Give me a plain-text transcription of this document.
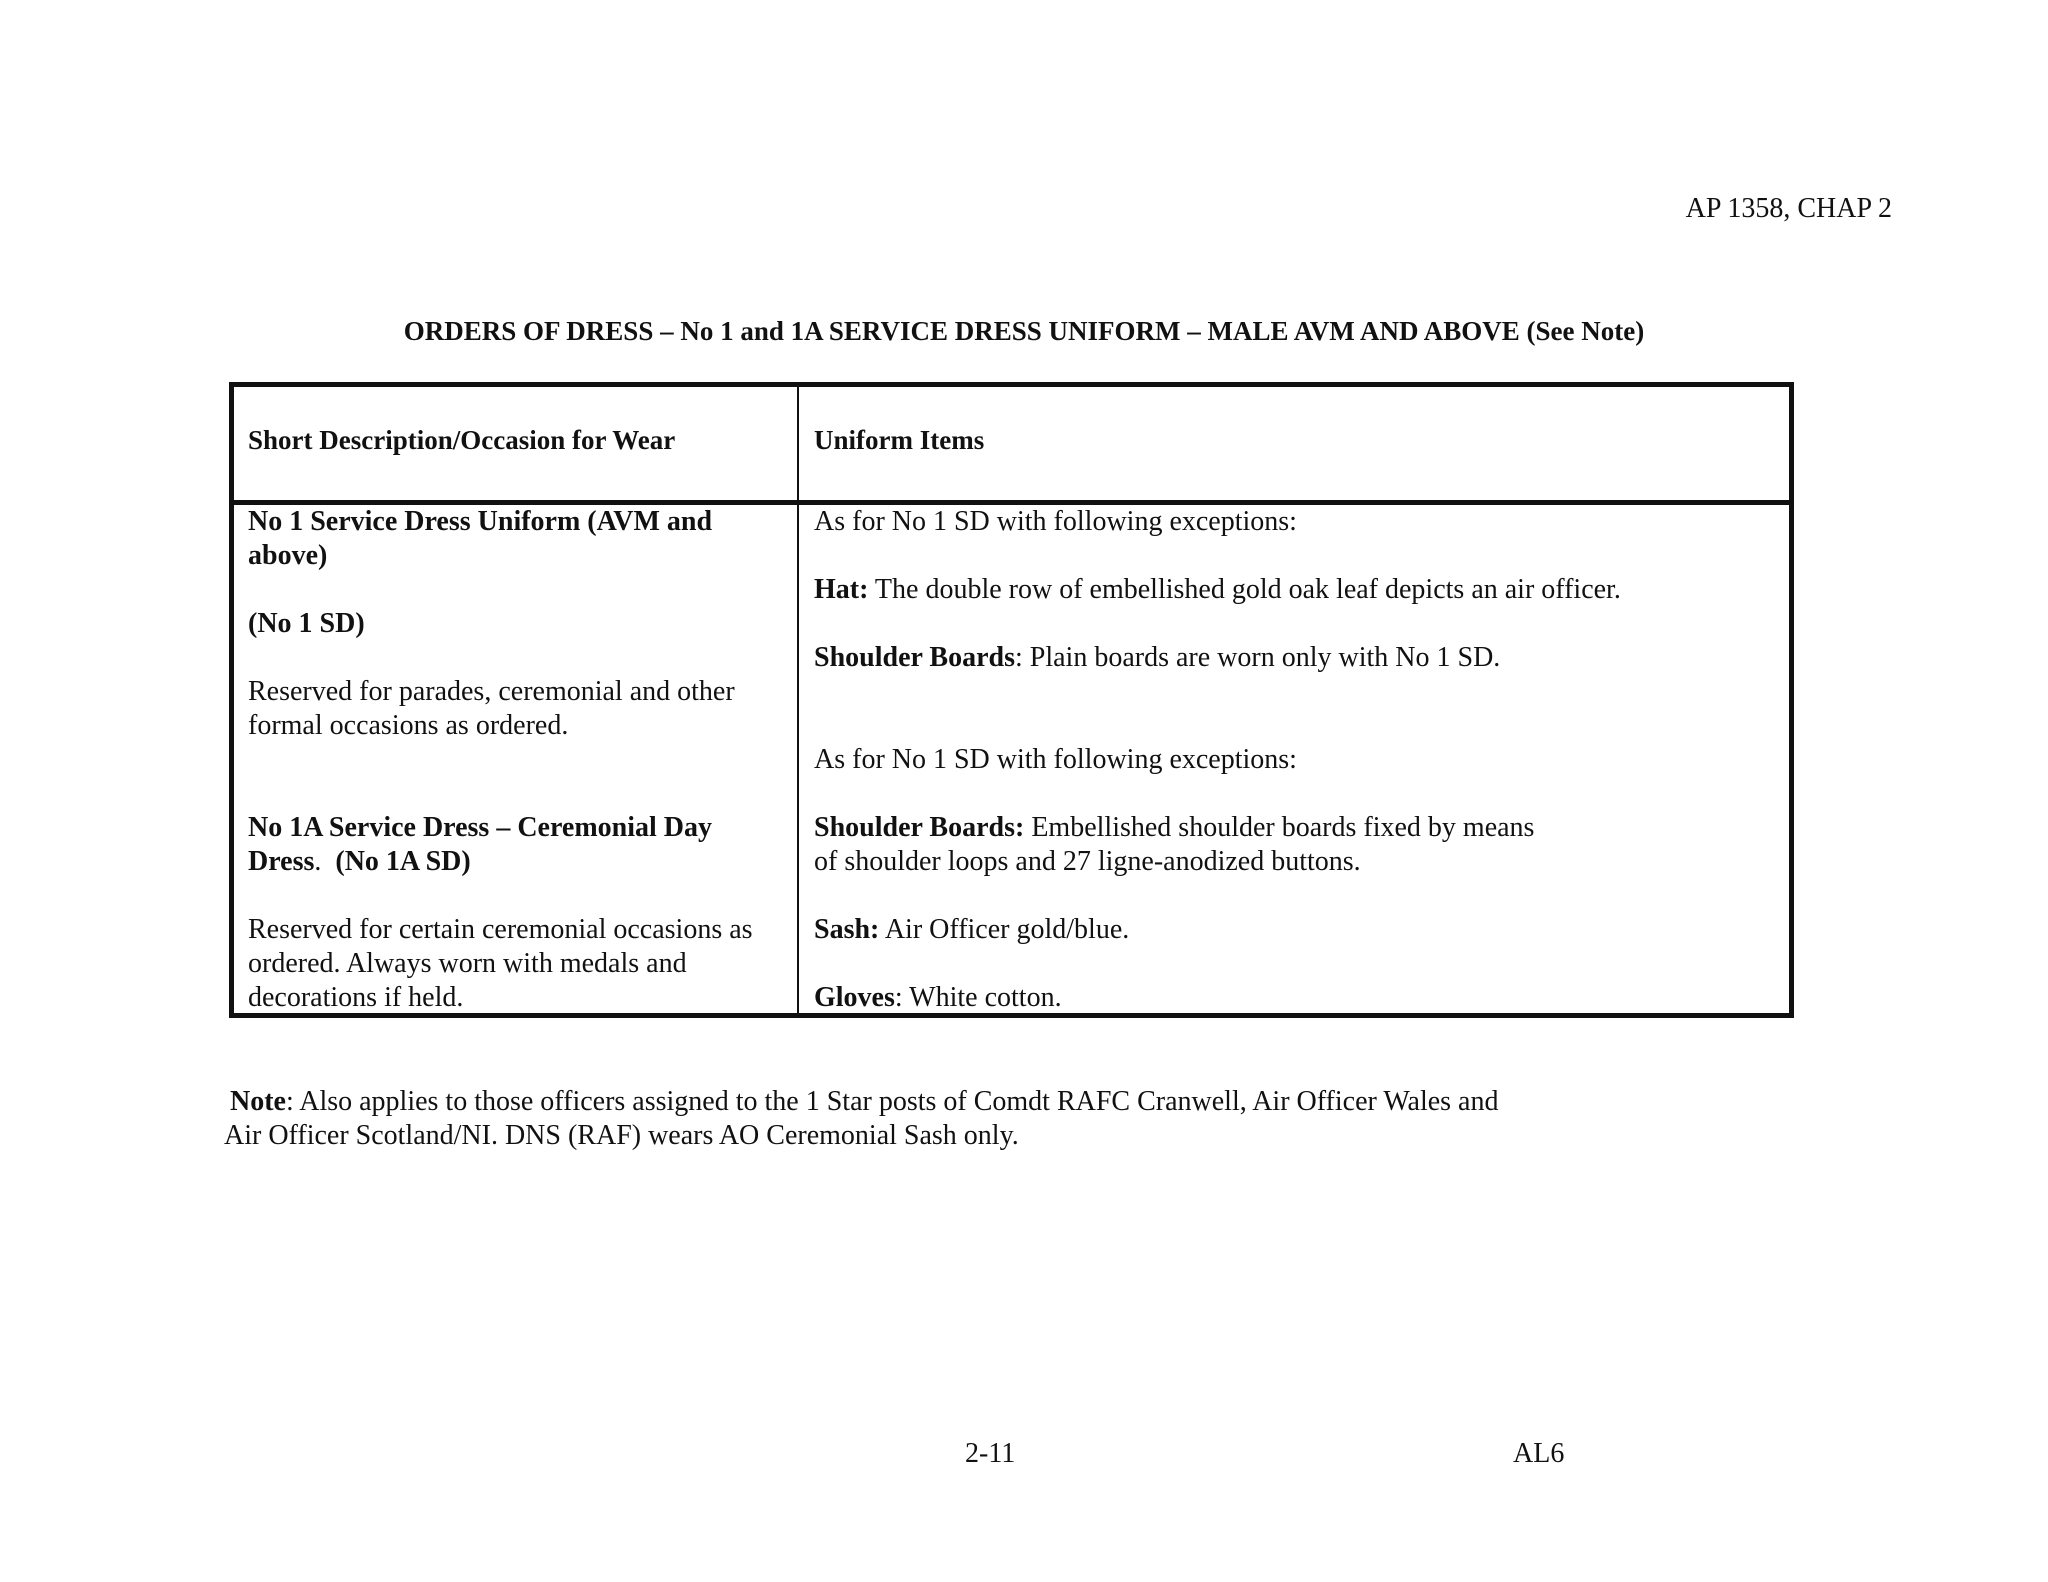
AP 1358, CHAP 2
ORDERS OF DRESS – No 1 and 1A SERVICE DRESS UNIFORM – MALE AVM AND ABOVE (See Note)
Short Description/Occasion for Wear	Uniform Items

No 1 Service Dress Uniform (AVM and

above)

(No 1 SD)

Reserved for parades, ceremonial and other

formal occasions as ordered.

No 1A Service Dress – Ceremonial Day

Dress.  (No 1A SD)

Reserved for certain ceremonial occasions as

ordered. Always worn with medals and

decorations if held.

As for No 1 SD with following exceptions:

Hat: The double row of embellished gold oak leaf depicts an air officer.

Shoulder Boards: Plain boards are worn only with No 1 SD.

As for No 1 SD with following exceptions:

Shoulder Boards: Embellished shoulder boards fixed by means

of shoulder loops and 27 ligne-anodized buttons.

Sash: Air Officer gold/blue.

Gloves: White cotton.

Note: Also applies to those officers assigned to the 1 Star posts of Comdt RAFC Cranwell, Air Officer Wales and

Air Officer Scotland/NI. DNS (RAF) wears AO Ceremonial Sash only.

2-11	AL6
